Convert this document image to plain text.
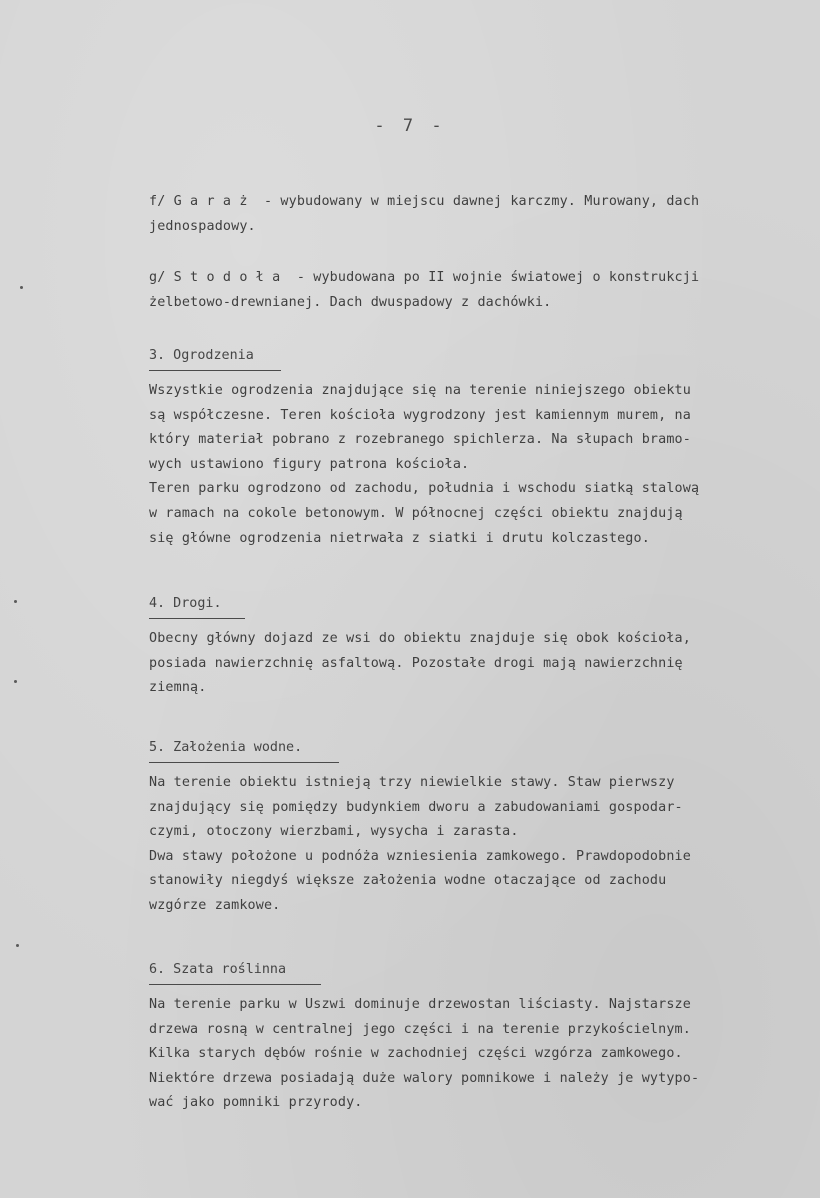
- 7 -
f/ G a r a ż  - wybudowany w miejscu dawnej karczmy. Murowany, dach
jednospadowy.
g/ S t o d o ł a  - wybudowana po II wojnie światowej o konstrukcji
żelbetowo-drewnianej. Dach dwuspadowy z dachówki.
3. Ogrodzenia
Wszystkie ogrodzenia znajdujące się na terenie niniejszego obiektu
są współczesne. Teren kościoła wygrodzony jest kamiennym murem, na
który materiał pobrano z rozebranego spichlerza. Na słupach bramo-
wych ustawiono figury patrona kościoła.
Teren parku ogrodzono od zachodu, południa i wschodu siatką stalową
w ramach na cokole betonowym. W północnej części obiektu znajdują
się główne ogrodzenia nietrwała z siatki i drutu kolczastego.
4. Drogi.
Obecny główny dojazd ze wsi do obiektu znajduje się obok kościoła,
posiada nawierzchnię asfaltową. Pozostałe drogi mają nawierzchnię
ziemną.
5. Założenia wodne.
Na terenie obiektu istnieją trzy niewielkie stawy. Staw pierwszy
znajdujący się pomiędzy budynkiem dworu a zabudowaniami gospodar-
czymi, otoczony wierzbami, wysycha i zarasta.
Dwa stawy położone u podnóża wzniesienia zamkowego. Prawdopodobnie
stanowiły niegdyś większe założenia wodne otaczające od zachodu
wzgórze zamkowe.
6. Szata roślinna
Na terenie parku w Uszwi dominuje drzewostan liściasty. Najstarsze
drzewa rosną w centralnej jego części i na terenie przykościelnym.
Kilka starych dębów rośnie w zachodniej części wzgórza zamkowego.
Niektóre drzewa posiadają duże walory pomnikowe i należy je wytypo-
wać jako pomniki przyrody.
